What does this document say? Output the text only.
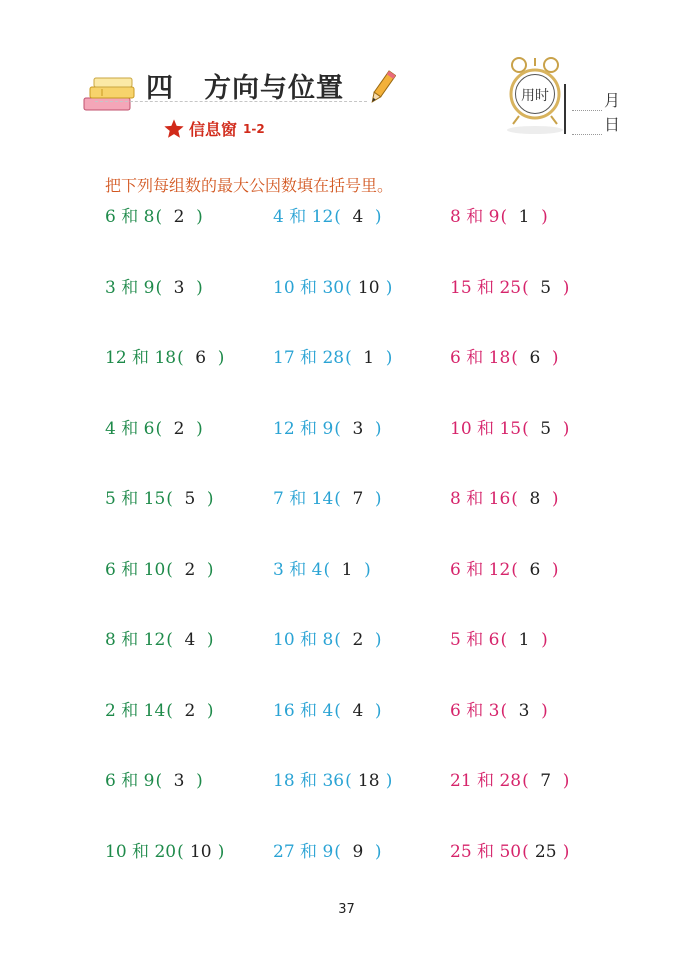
四 方向与位置
信息窗 1-2
用时	月
日
把下列每组数的最大公因数填在括号里。
6 和 8 ( 2 )	4 和 12 ( 4 )	8 和 9 ( 1 )
3 和 9 ( 3 )	10 和 30 ( 10 )	15 和 25 ( 5 )
12 和 18 ( 6 )	17 和 28 ( 1 )	6 和 18 ( 6 )
4 和 6 ( 2 )	12 和 9 ( 3 )	10 和 15 ( 5 )
5 和 15 ( 5 )	7 和 14 ( 7 )	8 和 16 ( 8 )
6 和 10 ( 2 )	3 和 4 ( 1 )	6 和 12 ( 6 )
8 和 12 ( 4 )	10 和 8 ( 2 )	5 和 6 ( 1 )
2 和 14 ( 2 )	16 和 4 ( 4 )	6 和 3 ( 3 )
6 和 9 ( 3 )	18 和 36 ( 18 )	21 和 28 ( 7 )
10 和 20 ( 10 )	27 和 9 ( 9 )	25 和 50 ( 25 )
37
